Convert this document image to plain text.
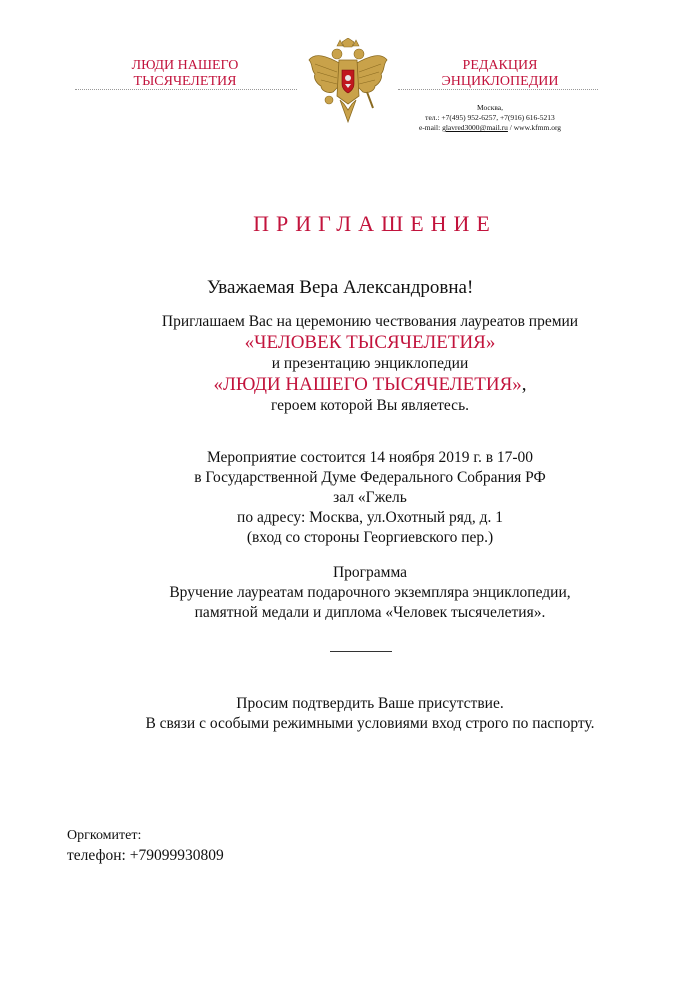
ЛЮДИ НАШЕГО
ТЫСЯЧЕЛЕТИЯ
РЕДАКЦИЯ
ЭНЦИКЛОПЕДИИ
Москва,
тел.: +7(495) 952-6257, +7(916) 616-5213
e-mail: glavred3000@mail.ru / www.kfmm.org
ПРИГЛАШЕНИЕ
Уважаемая Вера Александровна!
Приглашаем Вас на церемонию чествования лауреатов премии
«ЧЕЛОВЕК ТЫСЯЧЕЛЕТИЯ»
и презентацию энциклопедии
«ЛЮДИ НАШЕГО ТЫСЯЧЕЛЕТИЯ»,
героем которой Вы являетесь.
Мероприятие состоится 14 ноября 2019 г. в 17-00
в Государственной Думе Федерального Собрания РФ
зал «Гжель
по адресу: Москва, ул.Охотный ряд, д. 1
(вход со стороны Георгиевского пер.)
Программа
Вручение лауреатам подарочного экземпляра энциклопедии,
памятной медали и диплома «Человек тысячелетия».
Просим подтвердить Ваше присутствие.
В связи с особыми режимными условиями вход строго по паспорту.
Оргкомитет:
телефон: +79099930809
